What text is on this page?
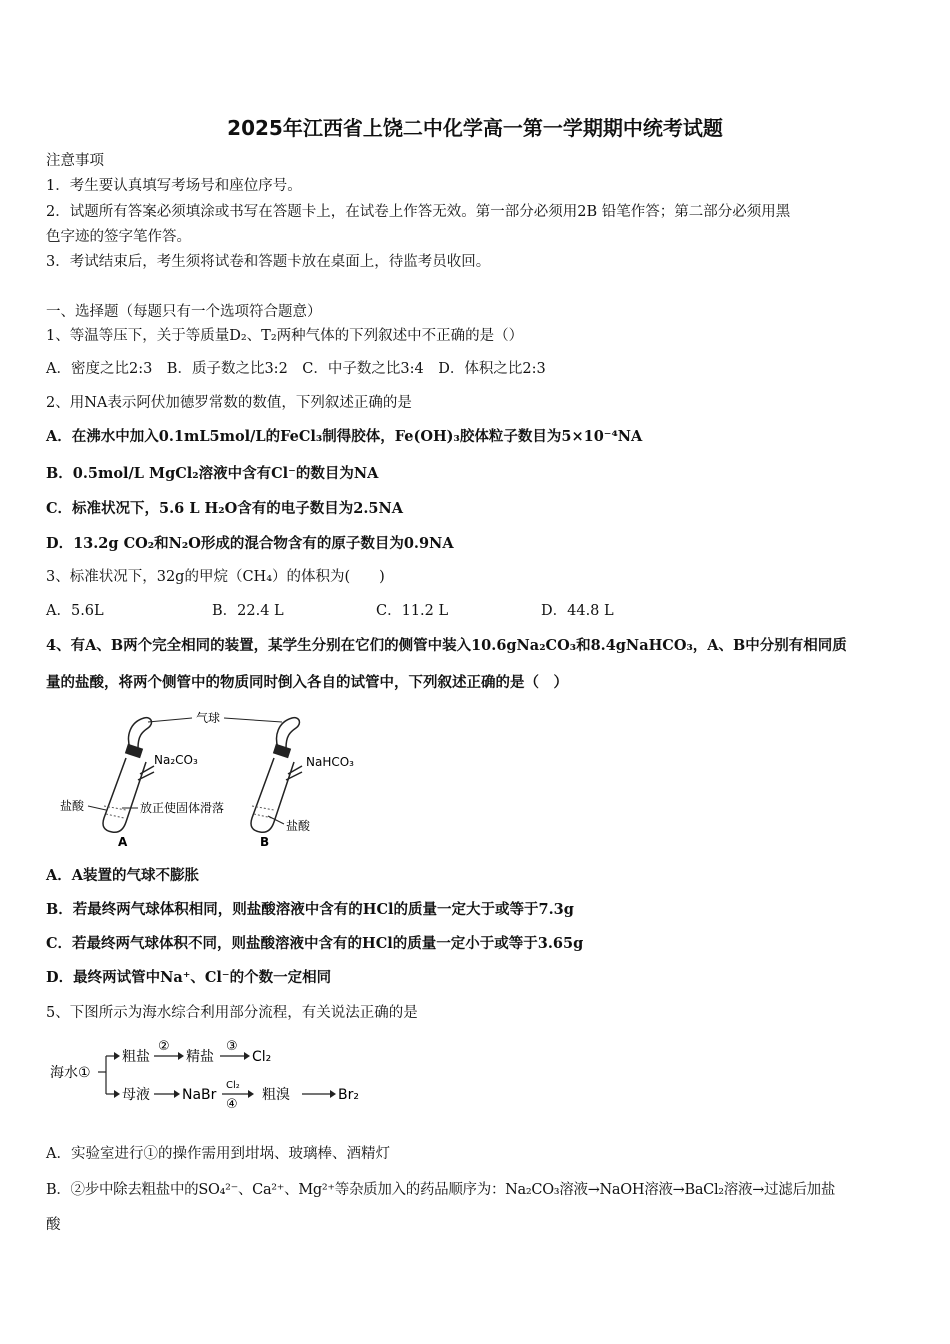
2025年江西省上饶二中化学高一第一学期期中统考试题
注意事项
1．考生要认真填写考场号和座位序号。
2．试题所有答案必须填涂或书写在答题卡上，在试卷上作答无效。第一部分必须用2B 铅笔作答；第二部分必须用黑
色字迹的签字笔作答。
3．考试结束后，考生须将试卷和答题卡放在桌面上，待监考员收回。
一、选择题（每题只有一个选项符合题意）
1、等温等压下，关于等质量D₂、T₂两种气体的下列叙述中不正确的是（）
A．密度之比2:3　B．质子数之比3:2　C．中子数之比3:4　D．体积之比2:3
2、用NA表示阿伏加德罗常数的数值，下列叙述正确的是
A．在沸水中加入0.1mL5mol/L的FeCl₃制得胶体，Fe(OH)₃胶体粒子数目为5×10⁻⁴NA
B．0.5mol/L MgCl₂溶液中含有Cl⁻的数目为NA
C．标准状况下，5.6 L H₂O含有的电子数目为2.5NA
D．13.2g CO₂和N₂O形成的混合物含有的原子数目为0.9NA
3、标准状况下，32g的甲烷（CH₄）的体积为(　　)
A．5.6L	B．22.4 L	C．11.2 L	D．44.8 L
4、有A、B两个完全相同的装置，某学生分别在它们的侧管中装入10.6gNa₂CO₃和8.4gNaHCO₃，A、B中分别有相同质
量的盐酸，将两个侧管中的物质同时倒入各自的试管中，下列叙述正确的是（　）
气球
Na₂CO₃	NaHCO₃
盐酸
盐酸
放正使固体滑落
A	B
A．A装置的气球不膨胀
B．若最终两气球体积相同，则盐酸溶液中含有的HCl的质量一定大于或等于7.3g
C．若最终两气球体积不同，则盐酸溶液中含有的HCl的质量一定小于或等于3.65g
D．最终两试管中Na⁺、Cl⁻的个数一定相同
5、下图所示为海水综合利用部分流程，有关说法正确的是
海水①
粗盐
②
精盐
③
Cl₂
母液 NaBr
Cl₂
④
粗溴	Br₂
A．实验室进行①的操作需用到坩埚、玻璃棒、酒精灯
B．②步中除去粗盐中的SO₄²⁻、Ca²⁺、Mg²⁺等杂质加入的药品顺序为：Na₂CO₃溶液→NaOH溶液→BaCl₂溶液→过滤后加盐
酸
